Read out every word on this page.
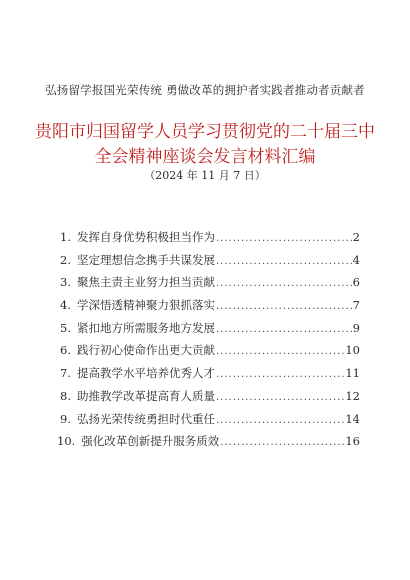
弘扬留学报国光荣传统 勇做改革的拥护者实践者推动者贡献者
贵阳市归国留学人员学习贯彻党的二十届三中
全会精神座谈会发言材料汇编
（2024 年 11 月 7 日）
1. 发挥自身优势积极担当作为 .....	2
2. 坚定理想信念携手共谋发展 .....	4
3. 聚焦主责主业努力担当贡献 .....	6
4. 学深悟透精神聚力狠抓落实 .....	7
5. 紧扣地方所需服务地方发展 .....	9
6. 践行初心使命作出更大贡献 .....	10
7. 提高教学水平培养优秀人才 .....	11
8. 助推教学改革提高育人质量 .....	12
9. 弘扬光荣传统勇担时代重任 .....	14
10. 强化改革创新提升服务质效 .....	16
